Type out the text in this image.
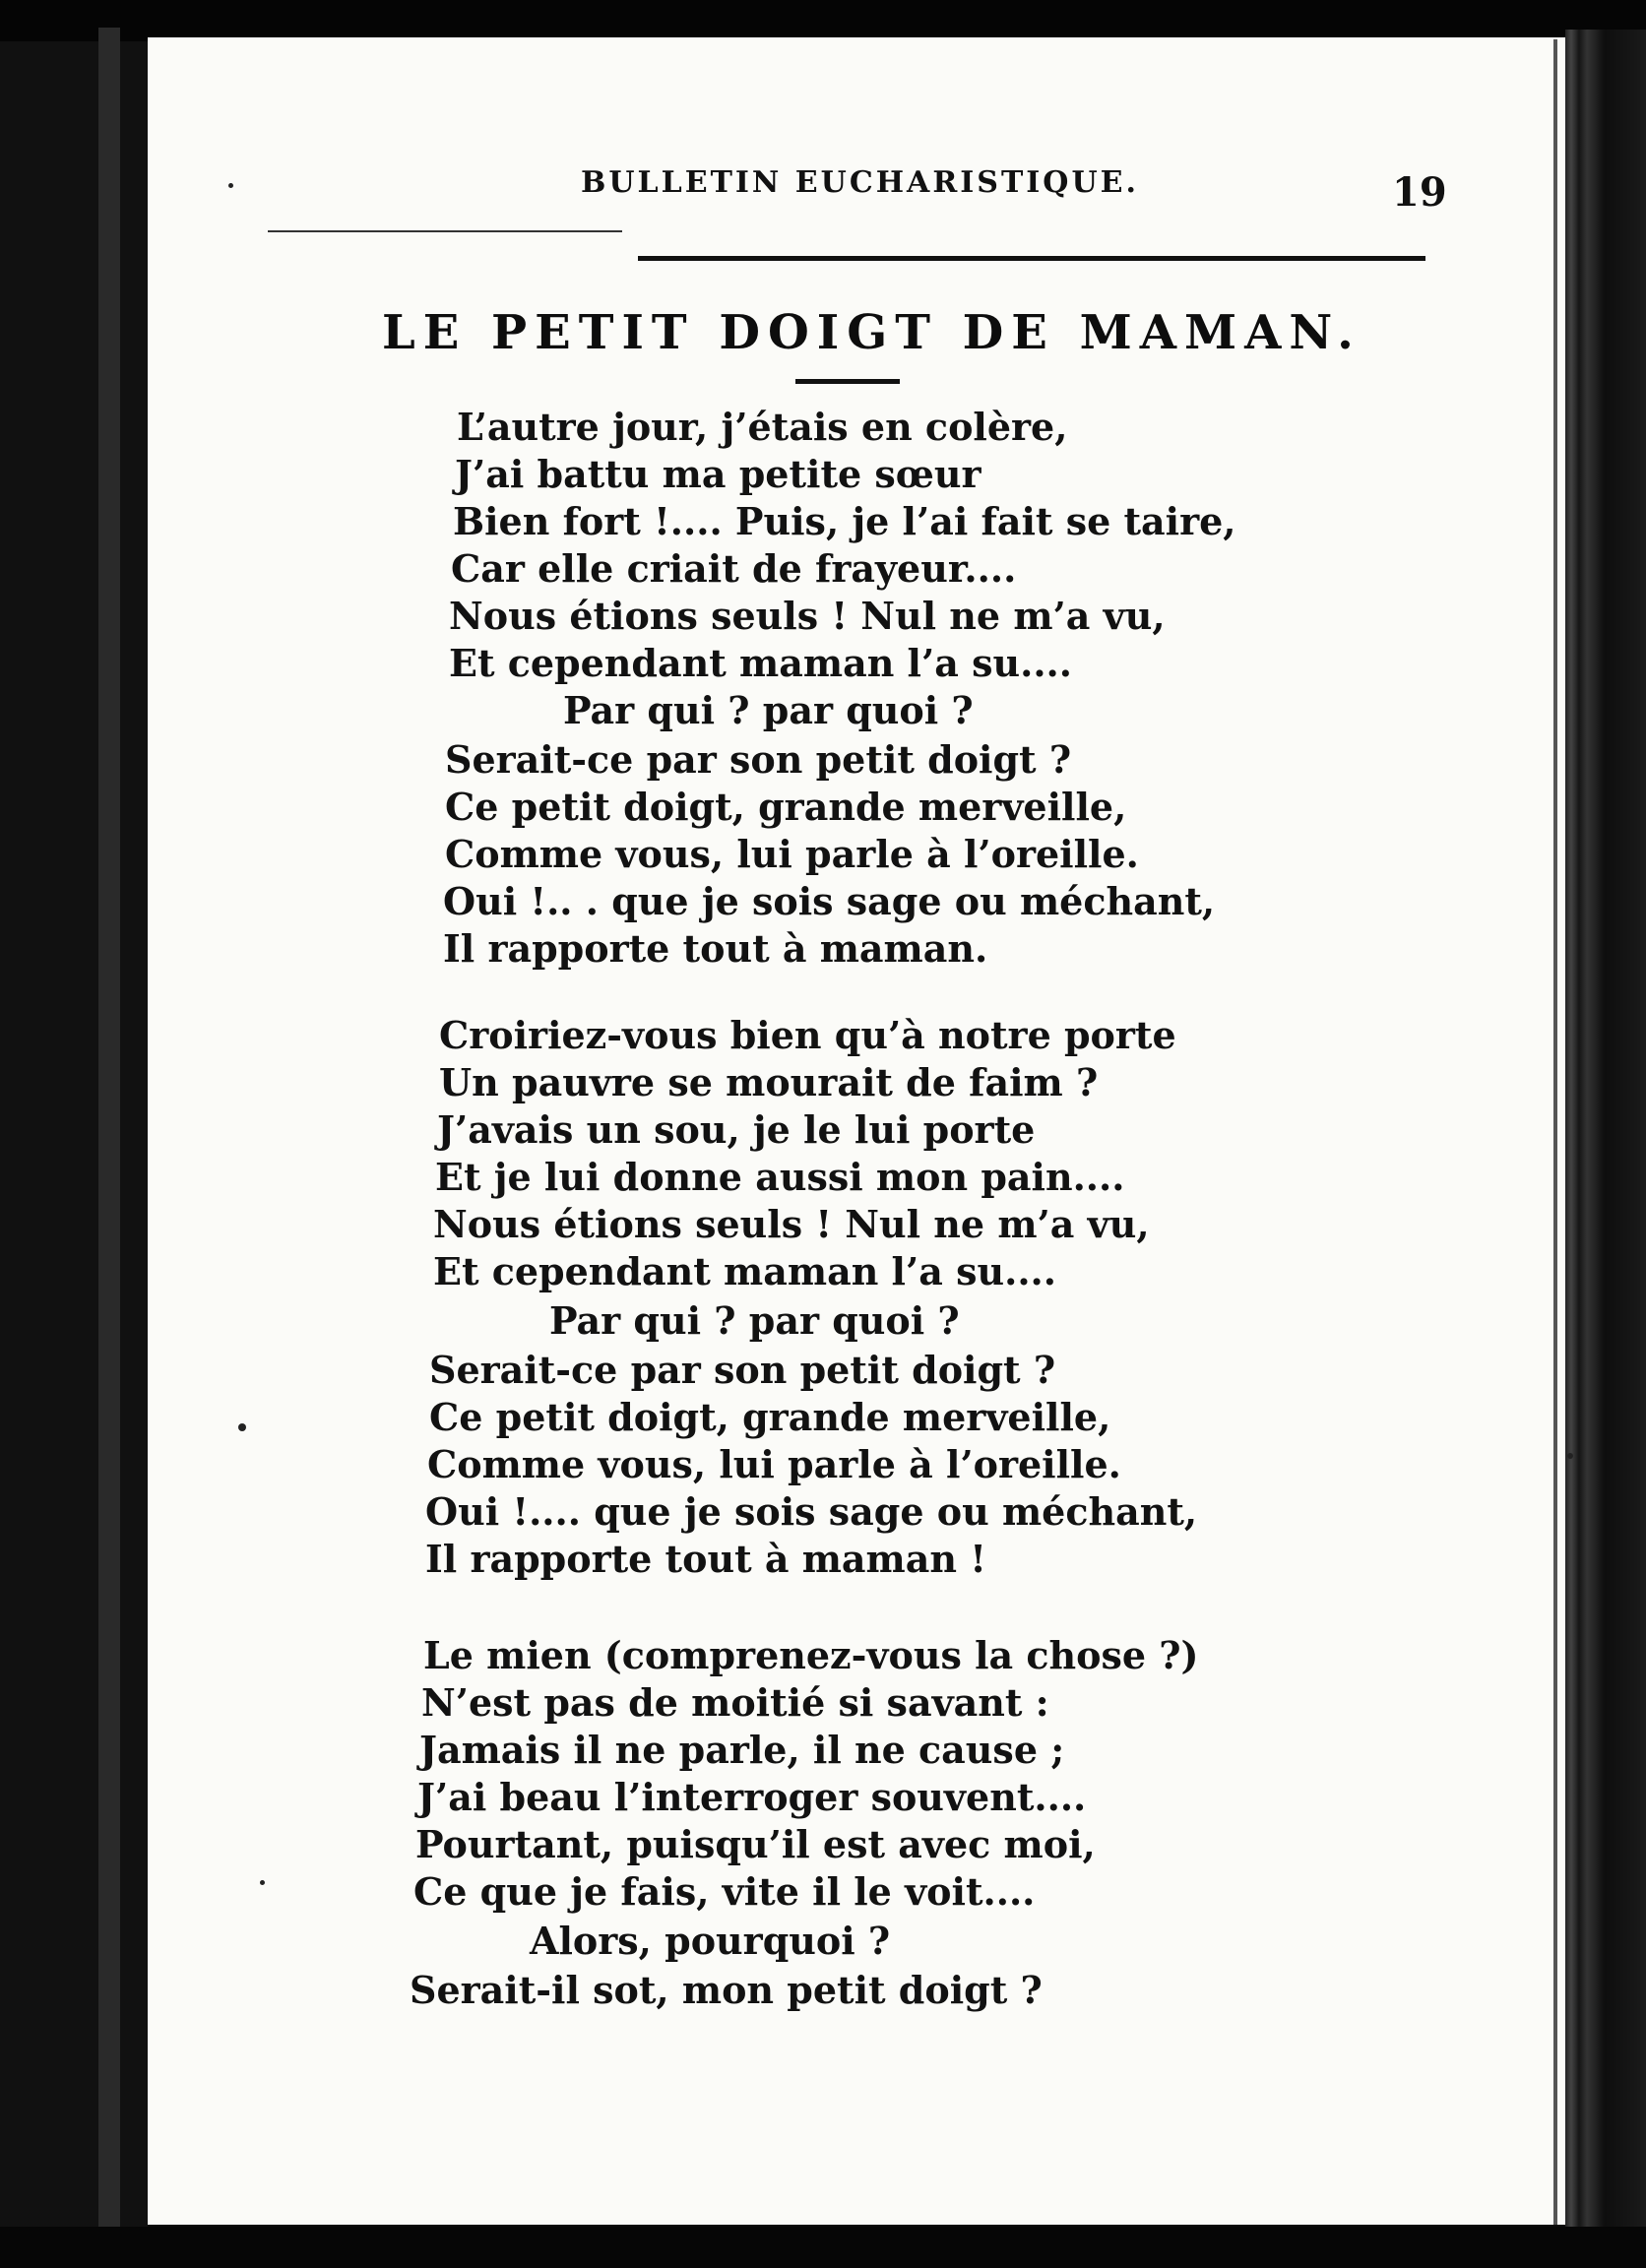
BULLETIN EUCHARISTIQUE.	19
LE PETIT DOIGT DE MAMAN.
L’autre jour, j’étais en colère,
J’ai battu ma petite sœur
Bien fort !.... Puis, je l’ai fait se taire,
Car elle criait de frayeur....
Nous étions seuls ! Nul ne m’a vu,
Et cependant maman l’a su....
Par qui ? par quoi ?
Serait-ce par son petit doigt ?
Ce petit doigt, grande merveille,
Comme vous, lui parle à l’oreille.
Oui !.. . que je sois sage ou méchant,
Il rapporte tout à maman.
Croiriez-vous bien qu’à notre porte
Un pauvre se mourait de faim ?
J’avais un sou, je le lui porte
Et je lui donne aussi mon pain....
Nous étions seuls ! Nul ne m’a vu,
Et cependant maman l’a su....
Par qui ? par quoi ?
Serait-ce par son petit doigt ?
Ce petit doigt, grande merveille,
Comme vous, lui parle à l’oreille.
Oui !.... que je sois sage ou méchant,
Il rapporte tout à maman !
Le mien (comprenez-vous la chose ?)
N’est pas de moitié si savant :
Jamais il ne parle, il ne cause ;
J’ai beau l’interroger souvent....
Pourtant, puisqu’il est avec moi,
Ce que je fais, vite il le voit....
Alors, pourquoi ?
Serait-il sot, mon petit doigt ?
